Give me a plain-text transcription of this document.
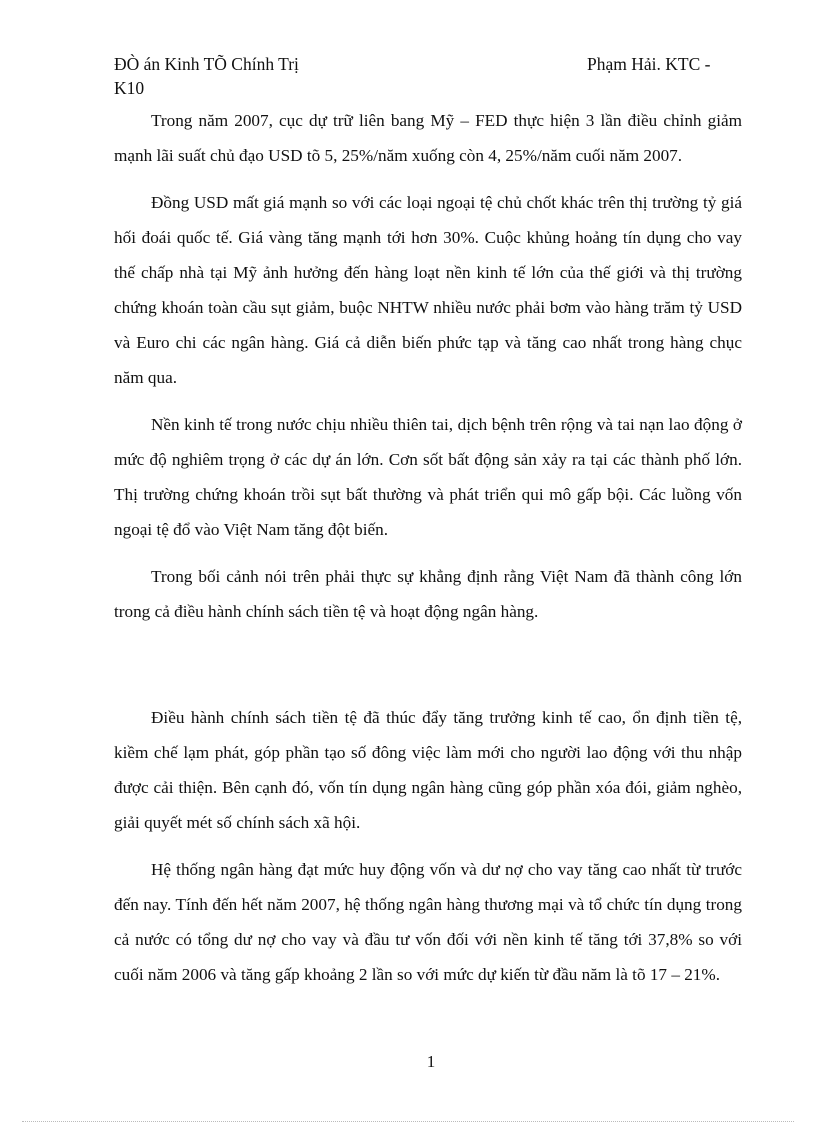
ĐÒ án Kinh TÕ Chính Trị
K10
Phạm Hải. KTC -

Trong năm 2007, cục dự trữ liên bang Mỹ – FED thực hiện 3 lần điều chỉnh giảm mạnh lãi suất chủ đạo USD tõ 5, 25%/năm xuống còn 4, 25%/năm cuối năm 2007.

Đồng USD mất giá mạnh so với các loại ngoại tệ chủ chốt khác trên thị trường tỷ giá hối đoái quốc tế. Giá vàng tăng mạnh tới hơn 30%. Cuộc khủng hoảng tín dụng cho vay thế chấp nhà tại Mỹ ảnh hưởng đến hàng loạt nền kinh tế lớn của thế giới và thị trường chứng khoán toàn cầu sụt giảm, buộc NHTW nhiều nước phải bơm vào hàng trăm tỷ USD và Euro chi các ngân hàng. Giá cả diễn biến phức tạp và tăng cao nhất trong hàng chục năm qua.

Nền kinh tế trong nước chịu nhiều thiên tai, dịch bệnh trên rộng và tai nạn lao động ở mức độ nghiêm trọng ở các dự án lớn. Cơn sốt bất động sản xảy ra tại các thành phố lớn. Thị trường chứng khoán trồi sụt bất thường và phát triển qui mô gấp bội. Các luồng vốn ngoại tệ đổ vào Việt Nam tăng đột biến.

Trong bối cảnh nói trên phải thực sự khẳng định rằng Việt Nam đã thành công lớn trong cả điều hành chính sách tiền tệ và hoạt động ngân hàng.

Điều hành chính sách tiền tệ đã thúc đẩy tăng trưởng kinh tế cao, ổn định tiền tệ, kiềm chế lạm phát, góp phần tạo số đông việc làm mới cho người lao động với thu nhập được cải thiện. Bên cạnh đó, vốn tín dụng ngân hàng cũng góp phần xóa đói, giảm nghèo, giải quyết mét số chính sách xã hội.

Hệ thống ngân hàng đạt mức huy động vốn và dư nợ cho vay tăng cao nhất từ trước đến nay. Tính đến hết năm 2007, hệ thống ngân hàng thương mại và tổ chức tín dụng trong cả nước có tổng dư nợ cho vay và đầu tư vốn đối với nền kinh tế tăng tới 37,8% so với cuối năm 2006 và tăng gấp khoảng 2 lần so với mức dự kiến từ đầu năm là tõ 17 – 21%.

1
